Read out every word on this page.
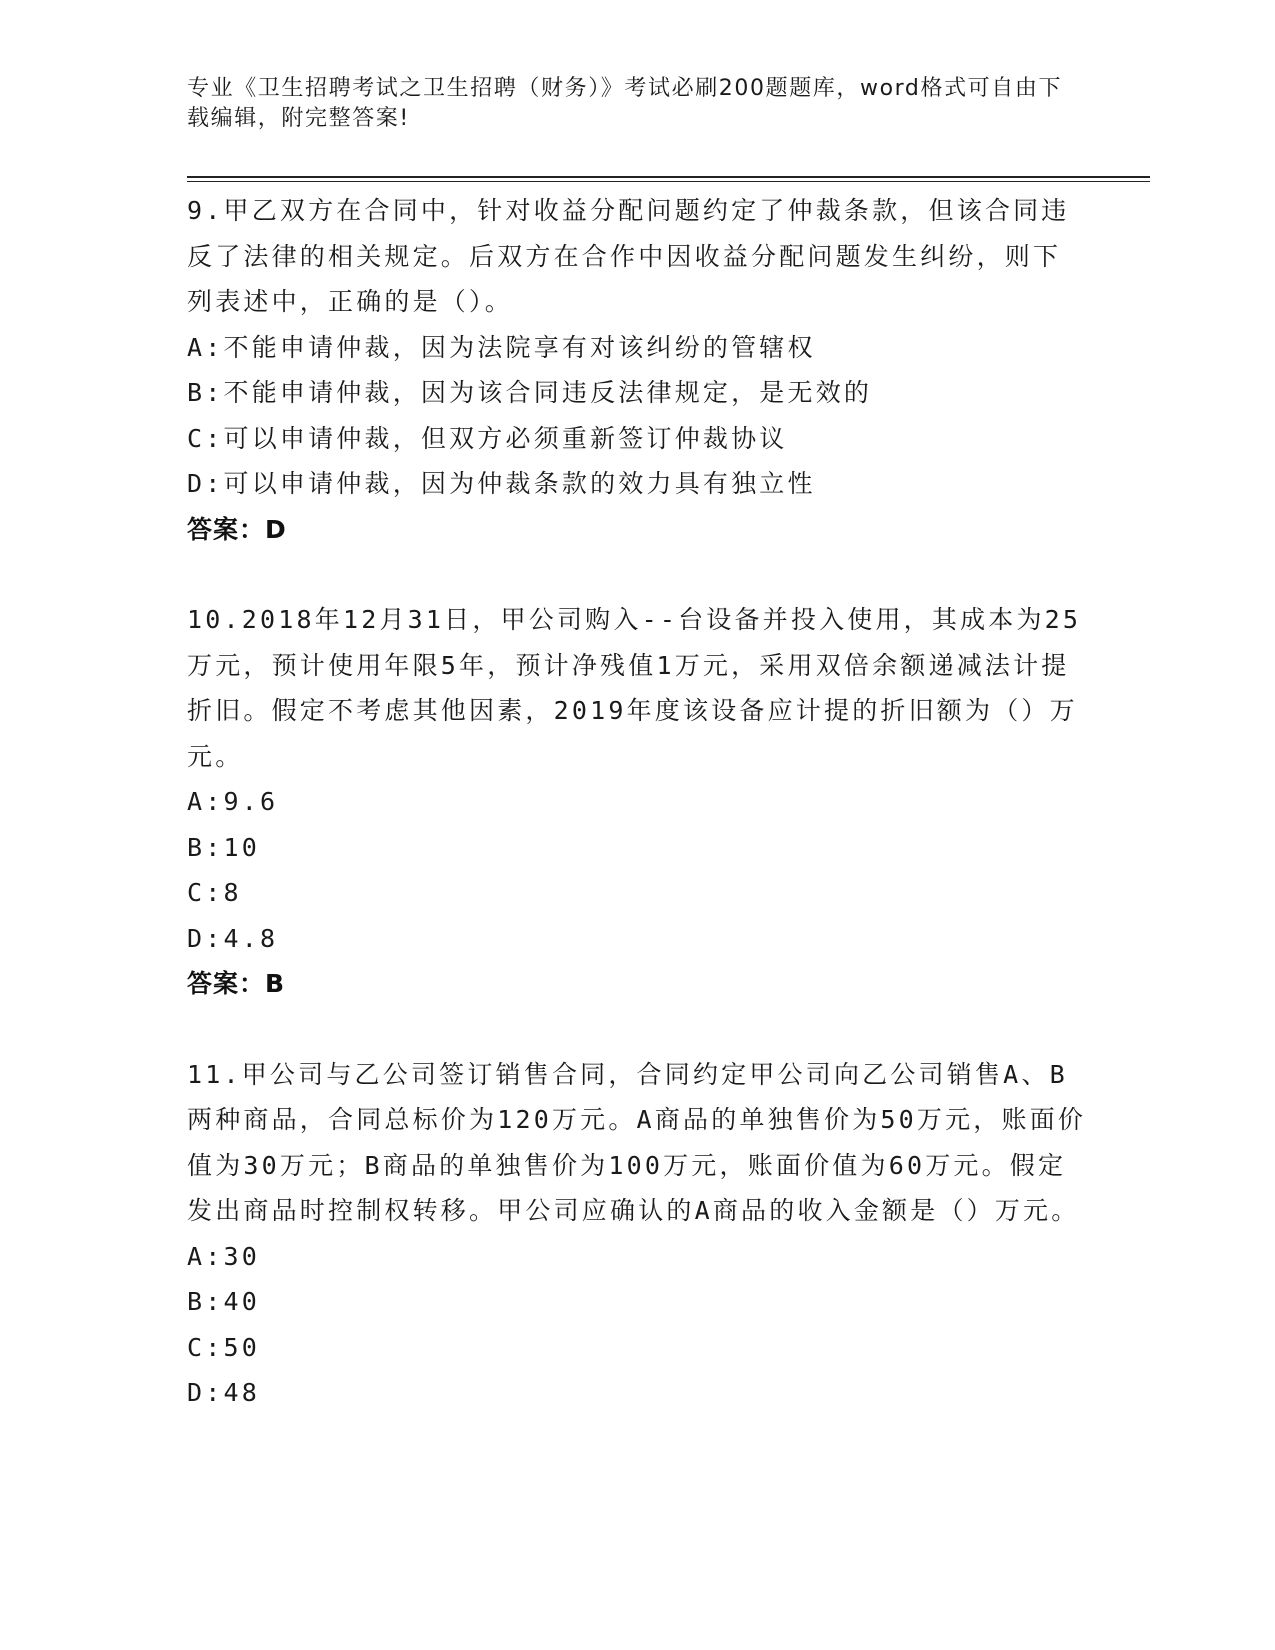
专业《卫生招聘考试之卫生招聘（财务）》考试必刷200题题库，word格式可自由下载编辑，附完整答案!

9.甲乙双方在合同中，针对收益分配问题约定了仲裁条款，但该合同违反了法律的相关规定。后双方在合作中因收益分配问题发生纠纷，则下列表述中，正确的是（）。

A:不能申请仲裁，因为法院享有对该纠纷的管辖权

B:不能申请仲裁，因为该合同违反法律规定，是无效的

C:可以申请仲裁，但双方必须重新签订仲裁协议

D:可以申请仲裁，因为仲裁条款的效力具有独立性

答案：D

10.2018年12月31日，甲公司购入--台设备并投入使用，其成本为25万元，预计使用年限5年，预计净残值1万元，采用双倍余额递减法计提折旧。假定不考虑其他因素，2019年度该设备应计提的折旧额为（）万元。

A:9.6

B:10

C:8

D:4.8

答案：B

11.甲公司与乙公司签订销售合同，合同约定甲公司向乙公司销售A、B两种商品，合同总标价为120万元。A商品的单独售价为50万元，账面价值为30万元；B商品的单独售价为100万元，账面价值为60万元。假定发出商品时控制权转移。甲公司应确认的A商品的收入金额是（）万元。

A:30

B:40

C:50

D:48
